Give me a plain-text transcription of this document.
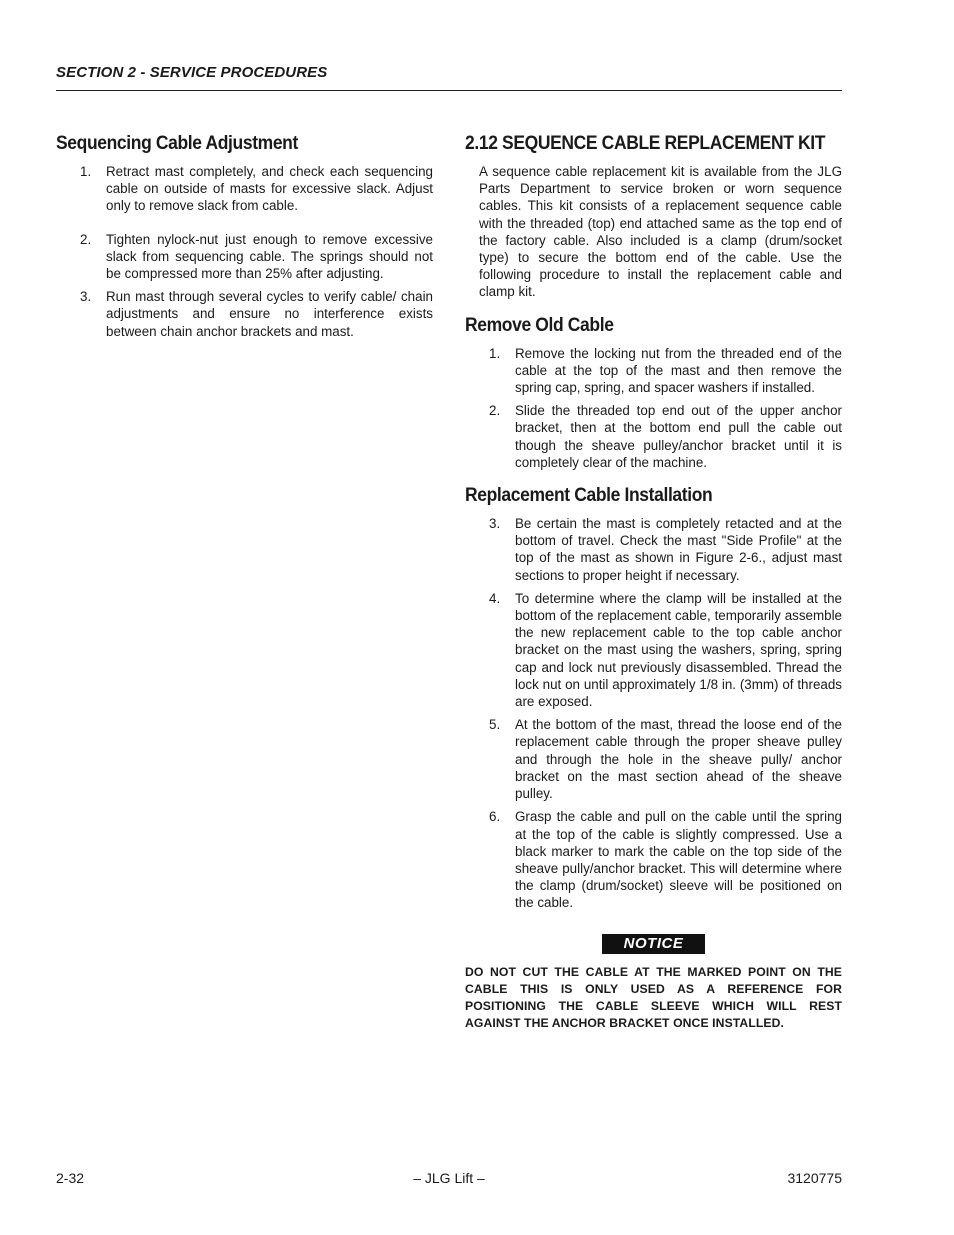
SECTION 2 - SERVICE PROCEDURES
Sequencing Cable Adjustment
1. Retract mast completely, and check each sequencing cable on outside of masts for excessive slack. Adjust only to remove slack from cable.
2. Tighten nylock-nut just enough to remove excessive slack from sequencing cable. The springs should not be compressed more than 25% after adjusting.
3. Run mast through several cycles to verify cable/ chain adjustments and ensure no interference exists between chain anchor brackets and mast.
2.12 SEQUENCE CABLE REPLACEMENT KIT

A sequence cable replacement kit is available from the JLG Parts Department to service broken or worn sequence cables. This kit consists of a replacement sequence cable with the threaded (top) end attached same as the top end of the factory cable. Also included is a clamp (drum/socket type) to secure the bottom end of the cable. Use the following procedure to install the replacement cable and clamp kit.

Remove Old Cable
1. Remove the locking nut from the threaded end of the cable at the top of the mast and then remove the spring cap, spring, and spacer washers if installed.
2. Slide the threaded top end out of the upper anchor bracket, then at the bottom end pull the cable out though the sheave pulley/anchor bracket until it is completely clear of the machine.
Replacement Cable Installation
3. Be certain the mast is completely retacted and at the bottom of travel. Check the mast "Side Profile" at the top of the mast as shown in Figure 2-6., adjust mast sections to proper height if necessary.
4. To determine where the clamp will be installed at the bottom of the replacement cable, temporarily assemble the new replacement cable to the top cable anchor bracket on the mast using the washers, spring, spring cap and lock nut previously disassembled. Thread the lock nut on until approximately 1/8 in. (3mm) of threads are exposed.
5. At the bottom of the mast, thread the loose end of the replacement cable through the proper sheave pulley and through the hole in the sheave pully/ anchor bracket on the mast section ahead of the sheave pulley.
6. Grasp the cable and pull on the cable until the spring at the top of the cable is slightly compressed. Use a black marker to mark the cable on the top side of the sheave pully/anchor bracket. This will determine where the clamp (drum/socket) sleeve will be positioned on the cable.
NOTICE
DO NOT CUT THE CABLE AT THE MARKED POINT ON THE CABLE THIS IS ONLY USED AS A REFERENCE FOR POSITIONING THE CABLE SLEEVE WHICH WILL REST AGAINST THE ANCHOR BRACKET ONCE INSTALLED.
2-32	– JLG Lift –	3120775
